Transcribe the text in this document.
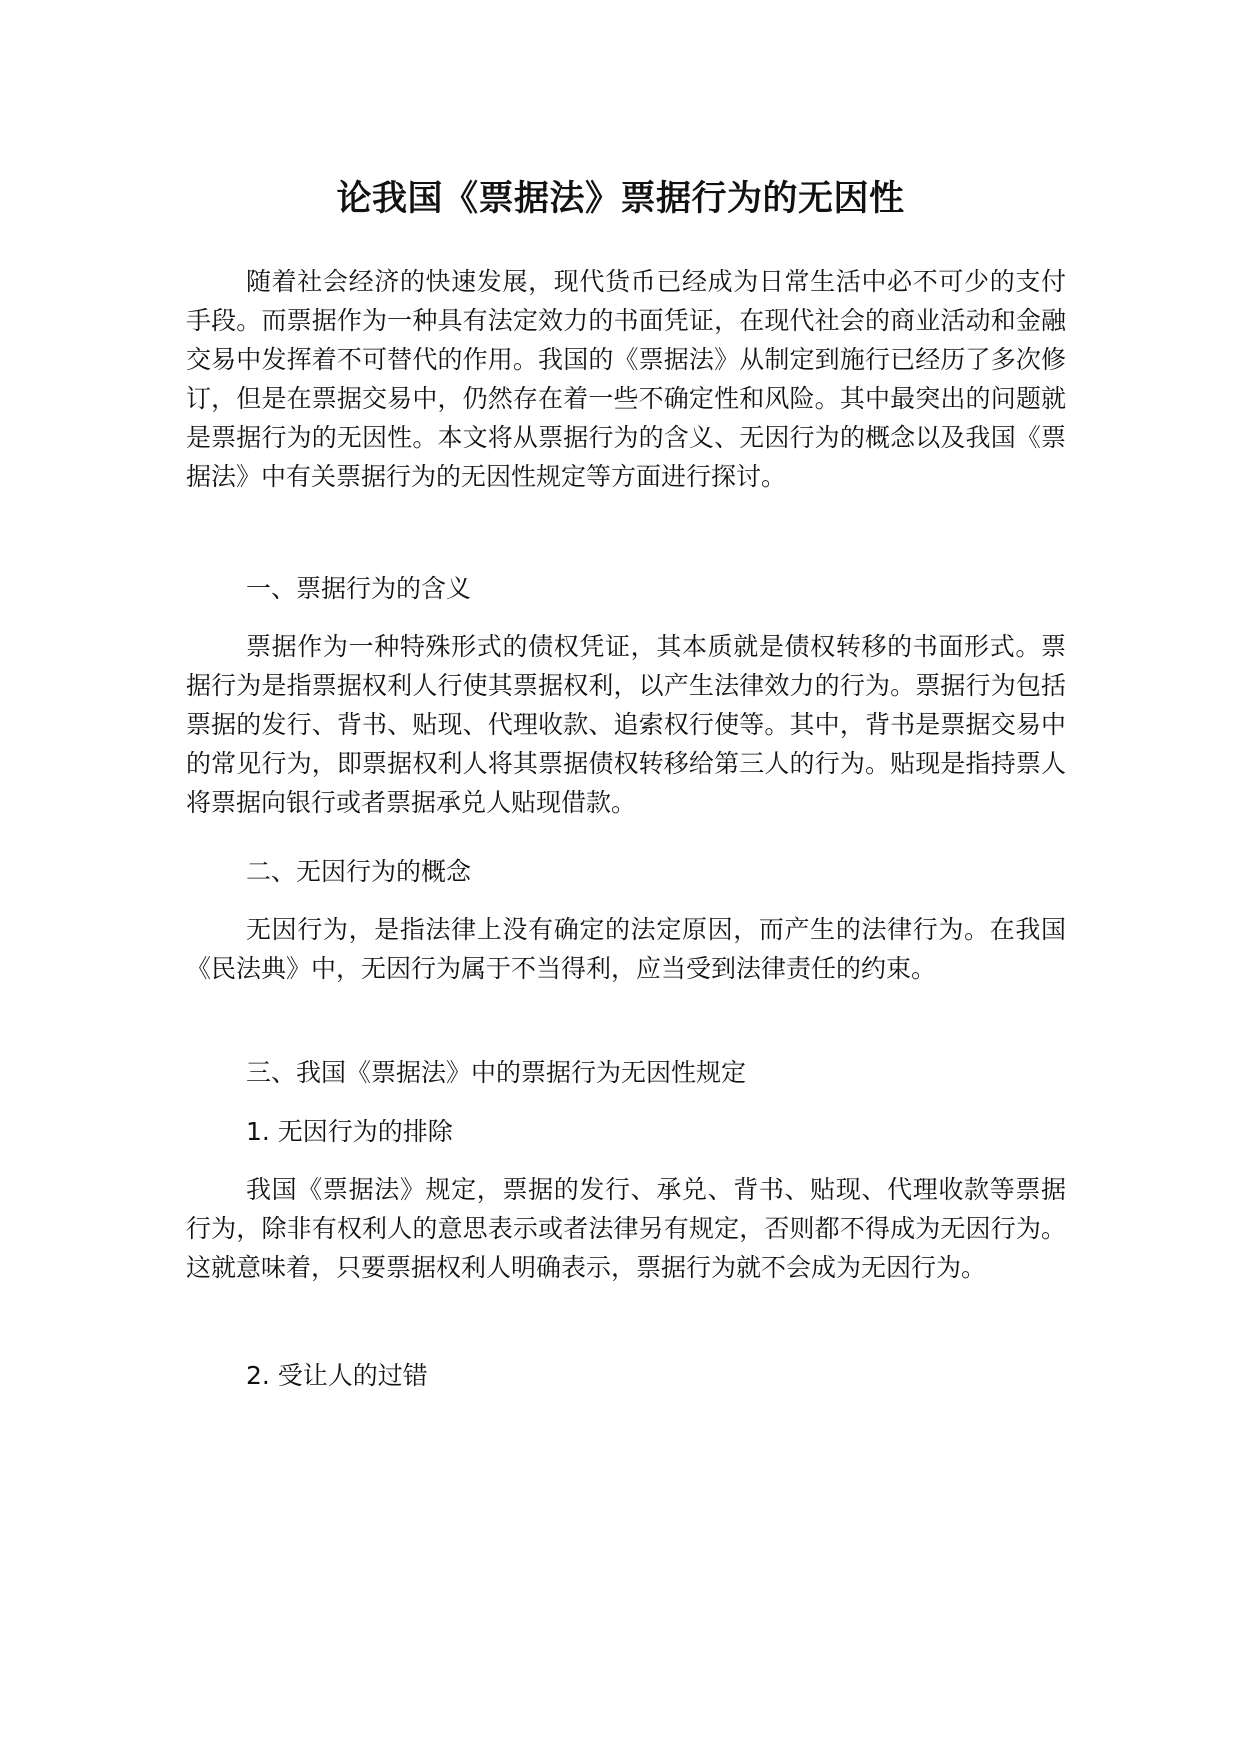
论我国《票据法》票据行为的无因性

随着社会经济的快速发展，现代货币已经成为日常生活中必不可少的支付手段。而票据作为一种具有法定效力的书面凭证，在现代社会的商业活动和金融交易中发挥着不可替代的作用。我国的《票据法》从制定到施行已经历了多次修订，但是在票据交易中，仍然存在着一些不确定性和风险。其中最突出的问题就是票据行为的无因性。本文将从票据行为的含义、无因行为的概念以及我国《票据法》中有关票据行为的无因性规定等方面进行探讨。

一、票据行为的含义

票据作为一种特殊形式的债权凭证，其本质就是债权转移的书面形式。票据行为是指票据权利人行使其票据权利，以产生法律效力的行为。票据行为包括票据的发行、背书、贴现、代理收款、追索权行使等。其中，背书是票据交易中的常见行为，即票据权利人将其票据债权转移给第三人的行为。贴现是指持票人将票据向银行或者票据承兑人贴现借款。

二、无因行为的概念

无因行为，是指法律上没有确定的法定原因，而产生的法律行为。在我国《民法典》中，无因行为属于不当得利，应当受到法律责任的约束。

三、我国《票据法》中的票据行为无因性规定
1. 无因行为的排除

我国《票据法》规定，票据的发行、承兑、背书、贴现、代理收款等票据行为，除非有权利人的意思表示或者法律另有规定，否则都不得成为无因行为。这就意味着，只要票据权利人明确表示，票据行为就不会成为无因行为。

2. 受让人的过错
